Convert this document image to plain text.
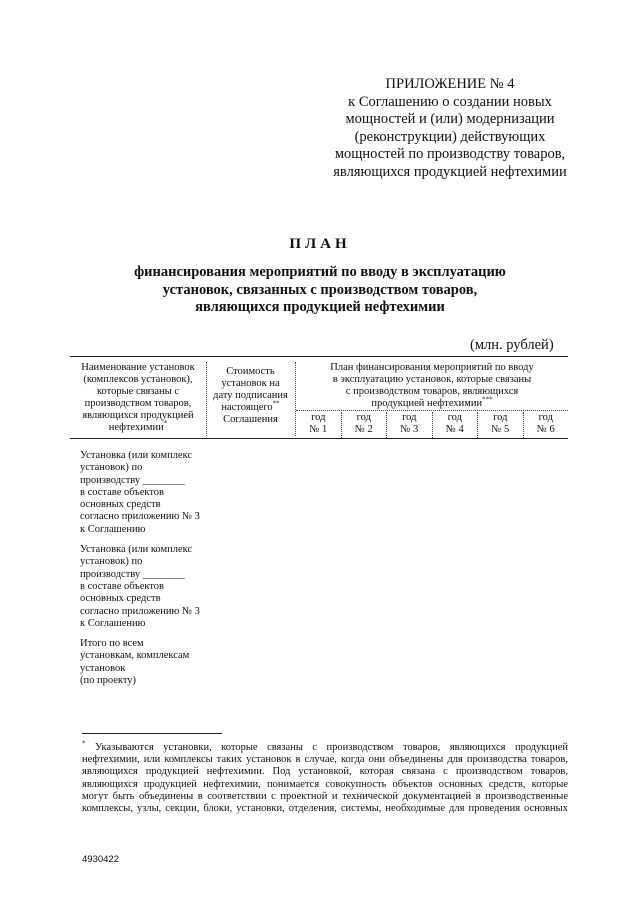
ПРИЛОЖЕНИЕ № 4
к Соглашению о создании новых
мощностей и (или) модернизации
(реконструкции) действующих
мощностей по производству товаров,
являющихся продукцией нефтехимии
ПЛАН
финансирования мероприятий по вводу в эксплуатацию
установок, связанных с производством товаров,
являющихся продукцией нефтехимии
(млн. рублей)
Наименование установок
(комплексов установок),
которые связаны с
производством товаров,
являющихся продукцией
нефтехимии*
Стоимость
установок на
дату подписания
настоящего**
Соглашения
План финансирования мероприятий по вводу
в эксплуатацию установок, которые связаны
с производством товаров, являющихся
продукцией нефтехимии***
год
№ 1
год
№ 2
год
№ 3
год
№ 4
год
№ 5
год
№ 6
Установка (или комплекс
установок) по
производству ________
в составе объектов
основных средств
согласно приложению № 3
к Соглашению
Установка (или комплекс
установок) по
производству ________
в составе объектов
основных средств
согласно приложению № 3
к Соглашению
Итого по всем
установкам, комплексам
установок
(по проекту)
* Указываются установки, которые связаны с производством товаров, являющихся продукцией
нефтехимии, или комплексы таких установок в случае, когда они объединены для производства товаров,
являющихся продукцией нефтехимии. Под установкой, которая связана с производством товаров,
являющихся продукцией нефтехимии, понимается совокупность объектов основных средств, которые
могут быть объединены в соответствии с проектной и технической документацией в производственные
комплексы, узлы, секции, блоки, установки, отделения, системы, необходимые для проведения основных
4930422
